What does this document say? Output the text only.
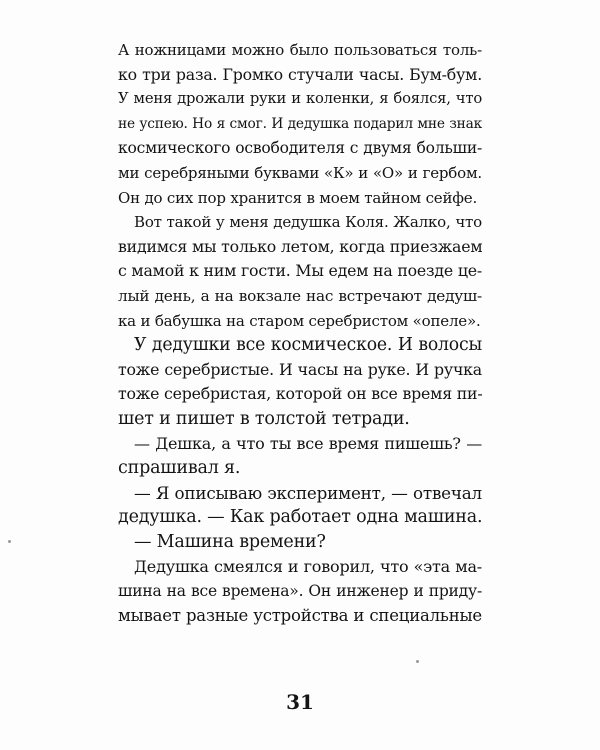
А ножницами можно было пользоваться толь-
ко три раза. Громко стучали часы. Бум-бум.
У меня дрожали руки и коленки, я боялся, что
не успею. Но я смог. И дедушка подарил мне знак
космического освободителя с двумя больши-
ми серебряными буквами «К» и «О» и гербом.
Он до сих пор хранится в моем тайном сейфе.
Вот такой у меня дедушка Коля. Жалко, что
видимся мы только летом, когда приезжаем
с мамой к ним гости. Мы едем на поезде це-
лый день, а на вокзале нас встречают дедуш-
ка и бабушка на старом серебристом «опеле».
У дедушки все космическое. И волосы
тоже серебристые. И часы на руке. И ручка
тоже серебристая, которой он все время пи-
шет и пишет в толстой тетради.
— Дешка, а что ты все время пишешь? —
спрашивал я.
— Я описываю эксперимент, — отвечал
дедушка. — Как работает одна машина.
— Машина времени?
Дедушка смеялся и говорил, что «эта ма-
шина на все времена». Он инженер и приду-
мывает разные устройства и специальные
31
